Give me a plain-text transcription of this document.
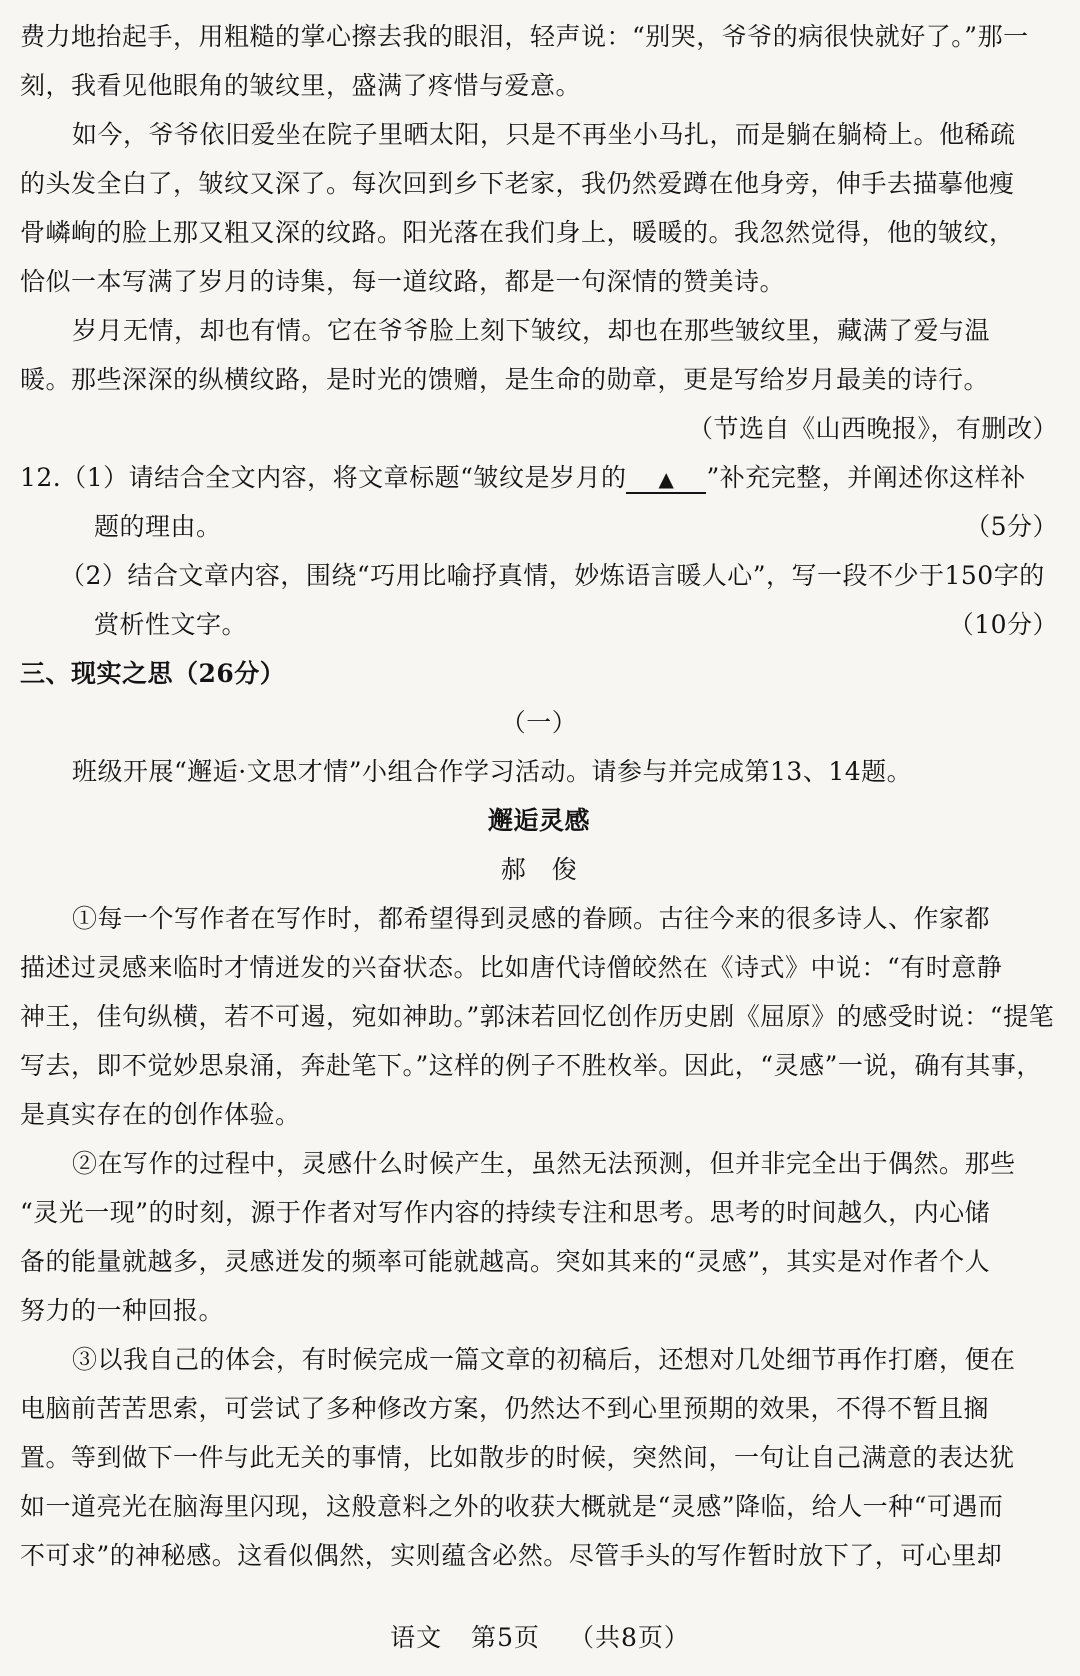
费力地抬起手，用粗糙的掌心擦去我的眼泪，轻声说：“别哭，爷爷的病很快就好了。”那一
刻，我看见他眼角的皱纹里，盛满了疼惜与爱意。
如今，爷爷依旧爱坐在院子里晒太阳，只是不再坐小马扎，而是躺在躺椅上。他稀疏
的头发全白了，皱纹又深了。每次回到乡下老家，我仍然爱蹲在他身旁，伸手去描摹他瘦
骨嶙峋的脸上那又粗又深的纹路。阳光落在我们身上，暖暖的。我忽然觉得，他的皱纹，
恰似一本写满了岁月的诗集，每一道纹路，都是一句深情的赞美诗。
岁月无情，却也有情。它在爷爷脸上刻下皱纹，却也在那些皱纹里，藏满了爱与温
暖。那些深深的纵横纹路，是时光的馈赠，是生命的勋章，更是写给岁月最美的诗行。
（节选自《山西晚报》，有删改）
12.（1）请结合全文内容，将文章标题“皱纹是岁月的 ▲ ”补充完整，并阐述你这样补
题的理由。	（5分）
（2）结合文章内容，围绕“巧用比喻抒真情，妙炼语言暖人心”，写一段不少于150字的
赏析性文字。	（10分）
三、现实之思（26分）
（一）
班级开展“邂逅·文思才情”小组合作学习活动。请参与并完成第13、14题。
邂逅灵感
郝　俊
①每一个写作者在写作时，都希望得到灵感的眷顾。古往今来的很多诗人、作家都
描述过灵感来临时才情迸发的兴奋状态。比如唐代诗僧皎然在《诗式》中说：“有时意静
神王，佳句纵横，若不可遏，宛如神助。”郭沫若回忆创作历史剧《屈原》的感受时说：“提笔
写去，即不觉妙思泉涌，奔赴笔下。”这样的例子不胜枚举。因此，“灵感”一说，确有其事，
是真实存在的创作体验。
②在写作的过程中，灵感什么时候产生，虽然无法预测，但并非完全出于偶然。那些
“灵光一现”的时刻，源于作者对写作内容的持续专注和思考。思考的时间越久，内心储
备的能量就越多，灵感迸发的频率可能就越高。突如其来的“灵感”，其实是对作者个人
努力的一种回报。
③以我自己的体会，有时候完成一篇文章的初稿后，还想对几处细节再作打磨，便在
电脑前苦苦思索，可尝试了多种修改方案，仍然达不到心里预期的效果，不得不暂且搁
置。等到做下一件与此无关的事情，比如散步的时候，突然间，一句让自己满意的表达犹
如一道亮光在脑海里闪现，这般意料之外的收获大概就是“灵感”降临，给人一种“可遇而
不可求”的神秘感。这看似偶然，实则蕴含必然。尽管手头的写作暂时放下了，可心里却
语文 第5页 （共8页）
